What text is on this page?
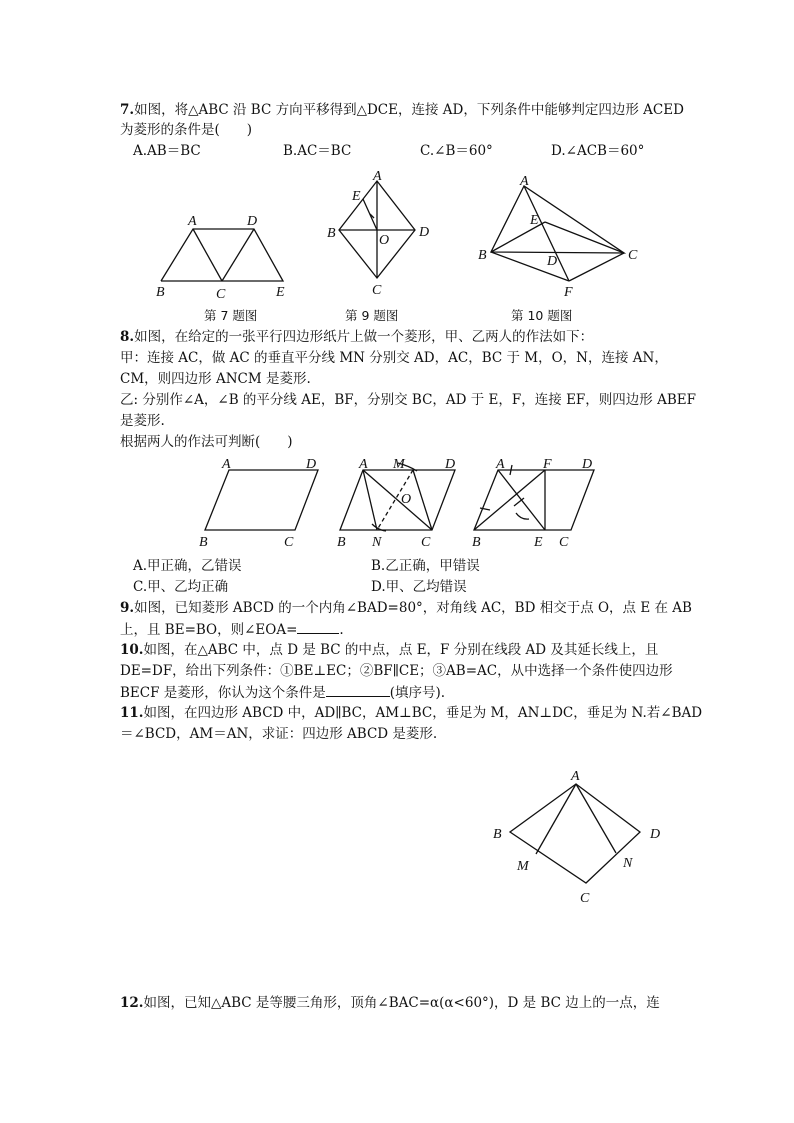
7.如图，将△ABC 沿 BC 方向平移得到△DCE，连接 AD，下列条件中能够判定四边形 ACED
为菱形的条件是(　　)
A.AB＝BC	B.AC＝BC	C.∠B＝60°	D.∠ACB＝60°
8.如图，在给定的一张平行四边形纸片上做一个菱形，甲、乙两人的作法如下：
甲：连接 AC，做 AC 的垂直平分线 MN 分别交 AD，AC，BC 于 M，O，N，连接 AN，
CM，则四边形 ANCM 是菱形.
乙: 分别作∠A，∠B 的平分线 AE，BF，分别交 BC，AD 于 E，F，连接 EF，则四边形 ABEF
是菱形.
根据两人的作法可判断(　　)
A.甲正确，乙错误	B.乙正确，甲错误
C.甲、乙均正确	D.甲、乙均错误
9.如图，已知菱形 ABCD 的一个内角∠BAD=80°，对角线 AC，BD 相交于点 O，点 E 在 AB
上，且 BE=BO，则∠EOA=	.
10.如图，在△ABC 中，点 D 是 BC 的中点，点 E，F 分别在线段 AD 及其延长线上，且
DE=DF，给出下列条件：①BE⊥EC；②BF∥CE；③AB=AC，从中选择一个条件使四边形
BECF 是菱形，你认为这个条件是	(填序号).
11.如图，在四边形 ABCD 中，AD∥BC，AM⊥BC，垂足为 M，AN⊥DC，垂足为 N.若∠BAD
＝∠BCD，AM＝AN，求证：四边形 ABCD 是菱形.
12.如图，已知△ABC 是等腰三角形，顶角∠BAC=α(α<60°)，D 是 BC 边上的一点，连
A	D
B	C	E
A
E
B	O
D
C
A
E
B	D	C
F
第 7 题图	第 9 题图	第 10 题图
A	D
B	C
A M	D
O
B N	C
A	F D
B	E C
A
B	D
M	N
C
